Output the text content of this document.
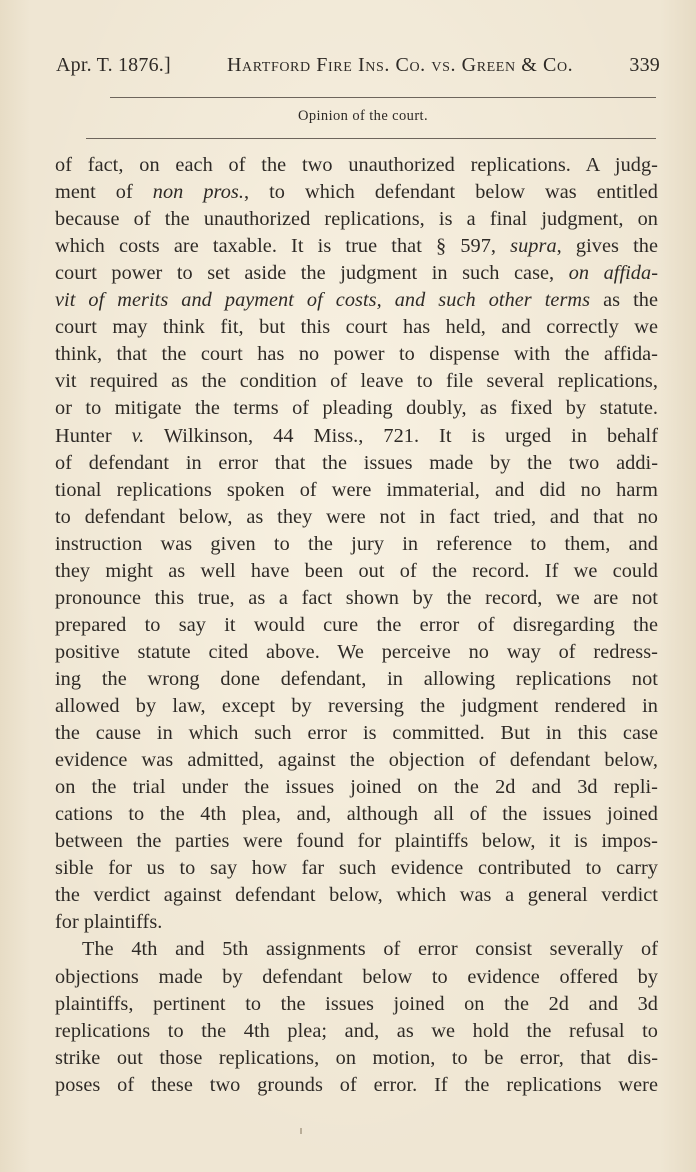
Apr. T. 1876.]	Hartford Fire Ins. Co. vs. Green & Co.	339
Opinion of the court.
of fact, on each of the two unauthorized replications. A judg-
ment of non pros., to which defendant below was entitled
because of the unauthorized replications, is a final judgment, on
which costs are taxable. It is true that § 597, supra, gives the
court power to set aside the judgment in such case, on affida-
vit of merits and payment of costs, and such other terms as the
court may think fit, but this court has held, and correctly we
think, that the court has no power to dispense with the affida-
vit required as the condition of leave to file several replications,
or to mitigate the terms of pleading doubly, as fixed by statute.
Hunter v. Wilkinson, 44 Miss., 721. It is urged in behalf
of defendant in error that the issues made by the two addi-
tional replications spoken of were immaterial, and did no harm
to defendant below, as they were not in fact tried, and that no
instruction was given to the jury in reference to them, and
they might as well have been out of the record. If we could
pronounce this true, as a fact shown by the record, we are not
prepared to say it would cure the error of disregarding the
positive statute cited above. We perceive no way of redress-
ing the wrong done defendant, in allowing replications not
allowed by law, except by reversing the judgment rendered in
the cause in which such error is committed. But in this case
evidence was admitted, against the objection of defendant below,
on the trial under the issues joined on the 2d and 3d repli-
cations to the 4th plea, and, although all of the issues joined
between the parties were found for plaintiffs below, it is impos-
sible for us to say how far such evidence contributed to carry
the verdict against defendant below, which was a general verdict
for plaintiffs.
The 4th and 5th assignments of error consist severally of
objections made by defendant below to evidence offered by
plaintiffs, pertinent to the issues joined on the 2d and 3d
replications to the 4th plea; and, as we hold the refusal to
strike out those replications, on motion, to be error, that dis-
poses of these two grounds of error. If the replications were
